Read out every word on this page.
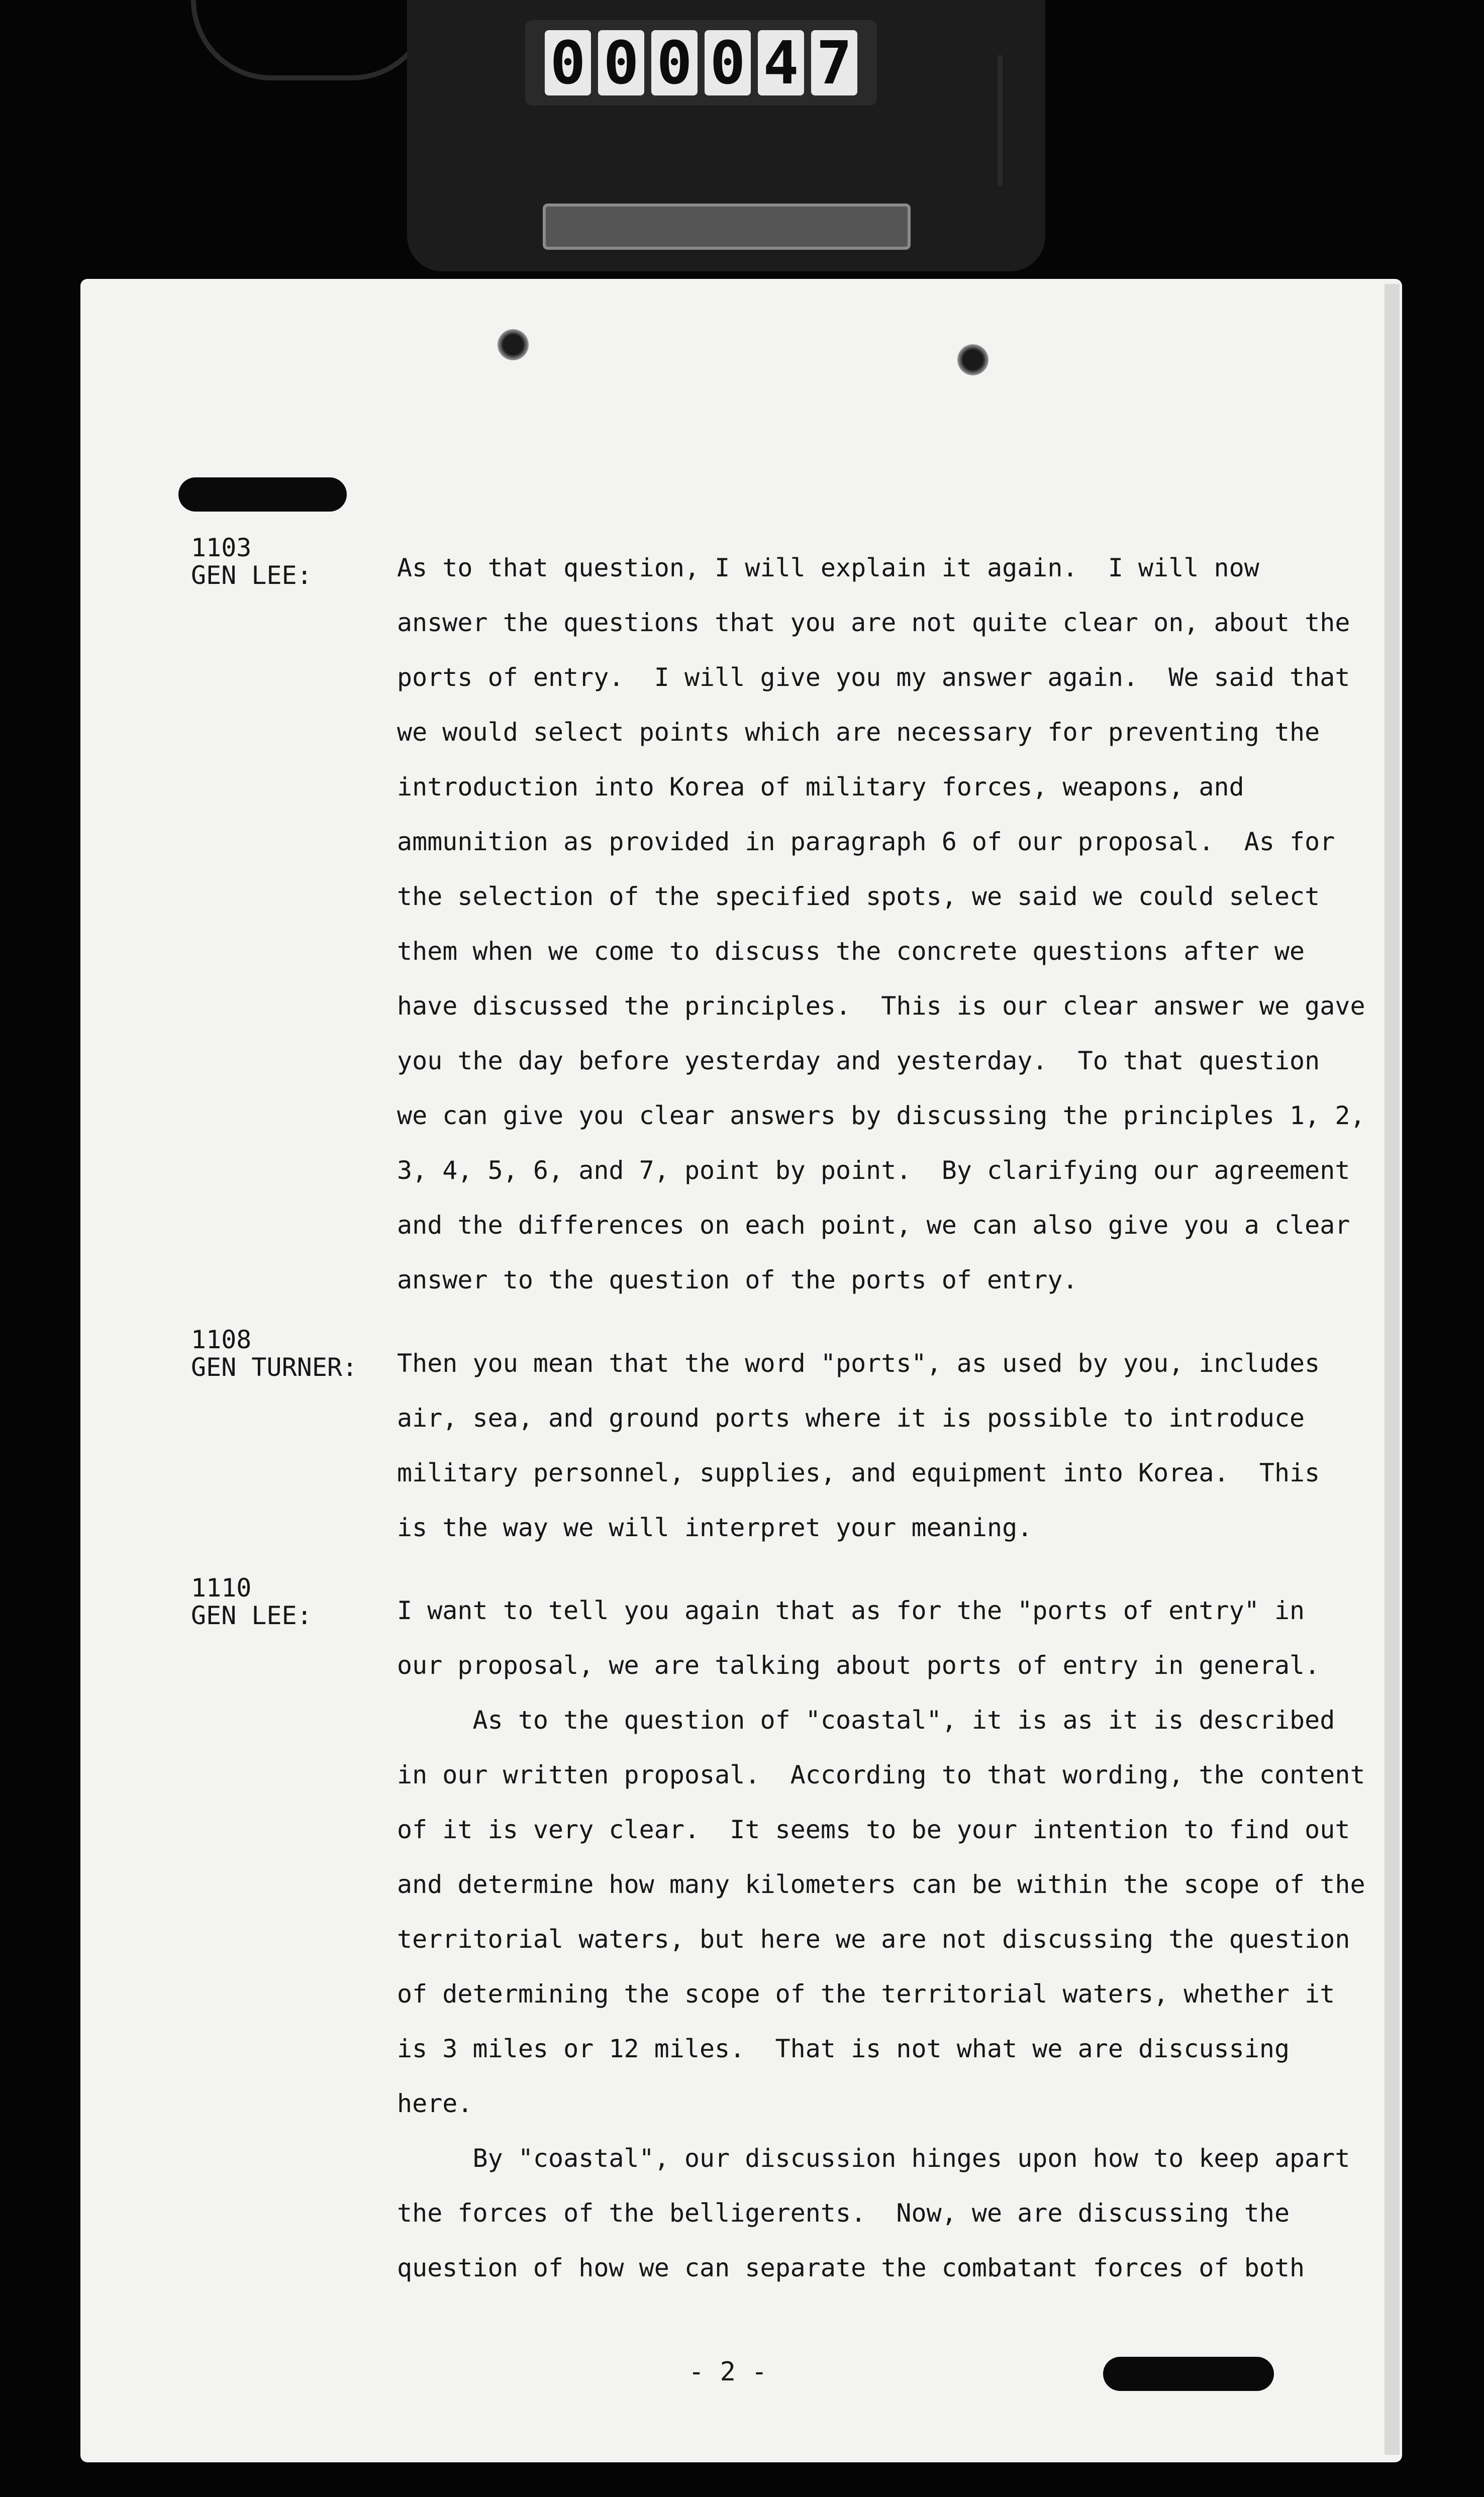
0 0 0 0 4 7
1103
GEN LEE:	As to that question, I will explain it again.  I will now
answer the questions that you are not quite clear on, about the
ports of entry.  I will give you my answer again.  We said that
we would select points which are necessary for preventing the
introduction into Korea of military forces, weapons, and
ammunition as provided in paragraph 6 of our proposal.  As for
the selection of the specified spots, we said we could select
them when we come to discuss the concrete questions after we
have discussed the principles.  This is our clear answer we gave
you the day before yesterday and yesterday.  To that question
we can give you clear answers by discussing the principles 1, 2,
3, 4, 5, 6, and 7, point by point.  By clarifying our agreement
and the differences on each point, we can also give you a clear
answer to the question of the ports of entry.
1108
GEN TURNER: Then you mean that the word "ports", as used by you, includes
air, sea, and ground ports where it is possible to introduce
military personnel, supplies, and equipment into Korea.  This
is the way we will interpret your meaning.
1110
GEN LEE:	I want to tell you again that as for the "ports of entry" in
our proposal, we are talking about ports of entry in general.
As to the question of "coastal", it is as it is described
in our written proposal.  According to that wording, the content
of it is very clear.  It seems to be your intention to find out
and determine how many kilometers can be within the scope of the
territorial waters, but here we are not discussing the question
of determining the scope of the territorial waters, whether it
is 3 miles or 12 miles.  That is not what we are discussing
here.
By "coastal", our discussion hinges upon how to keep apart
the forces of the belligerents.  Now, we are discussing the
question of how we can separate the combatant forces of both
- 2 -
